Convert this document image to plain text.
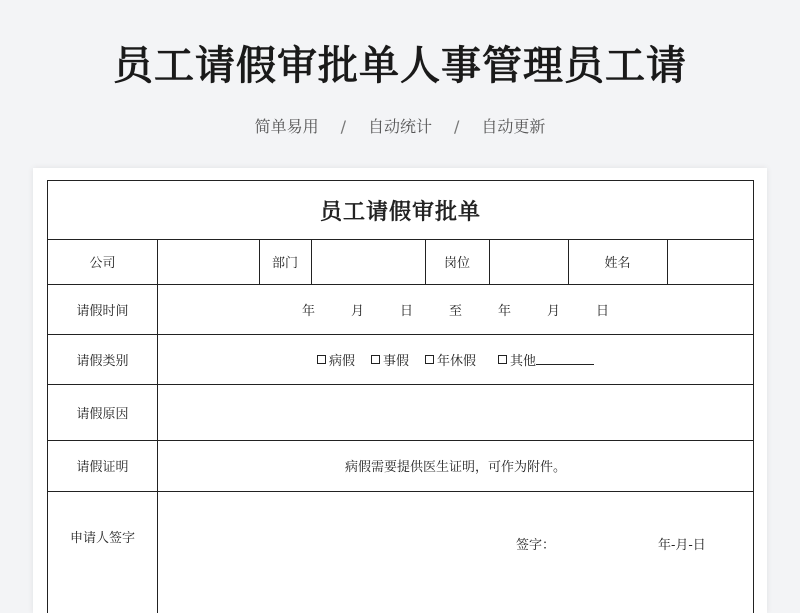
员工请假审批单人事管理员工请
简单易用 / 自动统计 / 自动更新
员工请假审批单
公司	部门	岗位	姓名
请假时间	年	月	日	至	年	月	日
请假类别	病假 事假 年休假	其他
请假原因
请假证明	病假需要提供医生证明，可作为附件。
申请人签字	签字：	年-月-日
